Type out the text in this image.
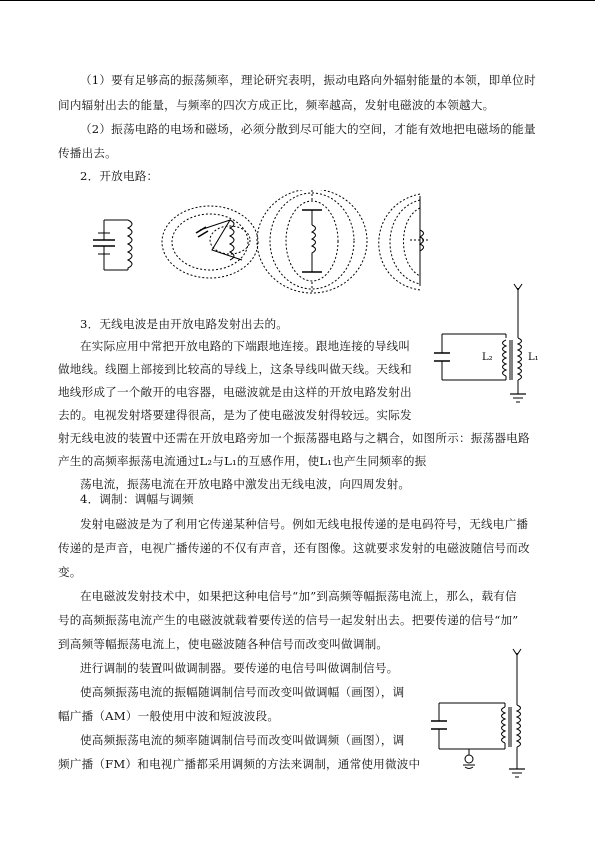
（1）要有足够高的振荡频率，理论研究表明，振动电路向外辐射能量的本领，即单位时
间内辐射出去的能量，与频率的四次方成正比，频率越高，发射电磁波的本领越大。
（2）振荡电路的电场和磁场，必须分散到尽可能大的空间，才能有效地把电磁场的能量
传播出去。
2．开放电路：
3．无线电波是由开放电路发射出去的。
在实际应用中常把开放电路的下端跟地连接。跟地连接的导线叫
做地线。线圈上部接到比较高的导线上，这条导线叫做天线。天线和
地线形成了一个敞开的电容器，电磁波就是由这样的开放电路发射出
去的。电视发射塔要建得很高，是为了使电磁波发射得较远。实际发
射无线电波的装置中还需在开放电路旁加一个振荡器电路与之耦合，如图所示：振荡器电路
产生的高频率振荡电流通过L₂与L₁的互感作用，使L₁也产生同频率的振
荡电流，振荡电流在开放电路中激发出无线电波，向四周发射。
L₂	L₁
4．调制：调幅与调频
发射电磁波是为了利用它传递某种信号。例如无线电报传递的是电码符号，无线电广播
传递的是声音，电视广播传递的不仅有声音，还有图像。这就要求发射的电磁波随信号而改
变。
在电磁波发射技术中，如果把这种电信号“加”到高频等幅振荡电流上，那么，载有信
号的高频振荡电流产生的电磁波就载着要传送的信号一起发射出去。把要传递的信号“加”
到高频等幅振荡电流上，使电磁波随各种信号而改变叫做调制。
进行调制的装置叫做调制器。要传递的电信号叫做调制信号。
使高频振荡电流的振幅随调制信号而改变叫做调幅（画图），调
幅广播（AM）一般使用中波和短波波段。
使高频振荡电流的频率随调制信号而改变叫做调频（画图），调
频广播（FM）和电视广播都采用调频的方法来调制，通常使用微波中
